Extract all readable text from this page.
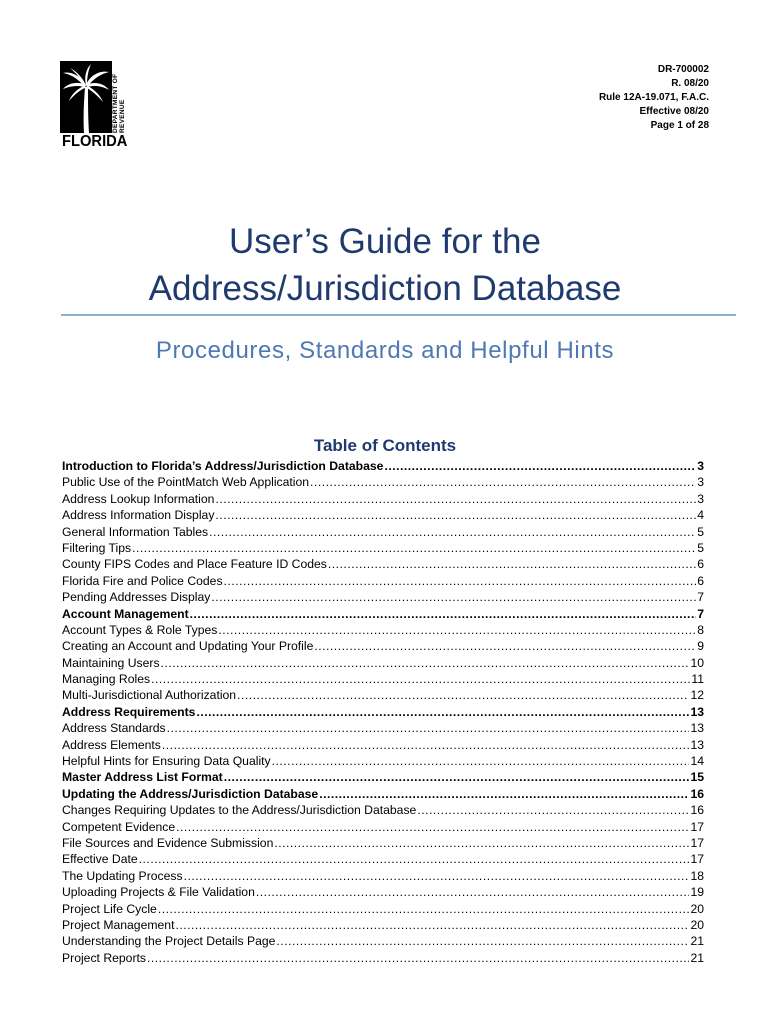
DEPARTMENT OF REVENUE
FLORIDA
DR-700002
R. 08/20
Rule 12A-19.071, F.A.C.
Effective 08/20
Page 1 of 28
User’s Guide for the
Address/Jurisdiction Database
Procedures, Standards and Helpful Hints
Table of Contents
Introduction to Florida’s Address/Jurisdiction Database .....	3
Public Use of the PointMatch Web Application .....	3
Address Lookup Information .....	3
Address Information Display .....	4
General Information Tables .....	5
Filtering Tips .....	5
County FIPS Codes and Place Feature ID Codes .....	6
Florida Fire and Police Codes .....	6
Pending Addresses Display .....	7
Account Management .....	7
Account Types & Role Types .....	8
Creating an Account and Updating Your Profile .....	9
Maintaining Users .....	10
Managing Roles .....	11
Multi-Jurisdictional Authorization .....	12
Address Requirements .....	13
Address Standards .....	13
Address Elements .....	13
Helpful Hints for Ensuring Data Quality .....	14
Master Address List Format .....	15
Updating the Address/Jurisdiction Database .....	16
Changes Requiring Updates to the Address/Jurisdiction Database .....	16
Competent Evidence .....	17
File Sources and Evidence Submission .....	17
Effective Date .....	17
The Updating Process .....	18
Uploading Projects & File Validation .....	19
Project Life Cycle .....	20
Project Management .....	20
Understanding the Project Details Page .....	21
Project Reports .....	21
